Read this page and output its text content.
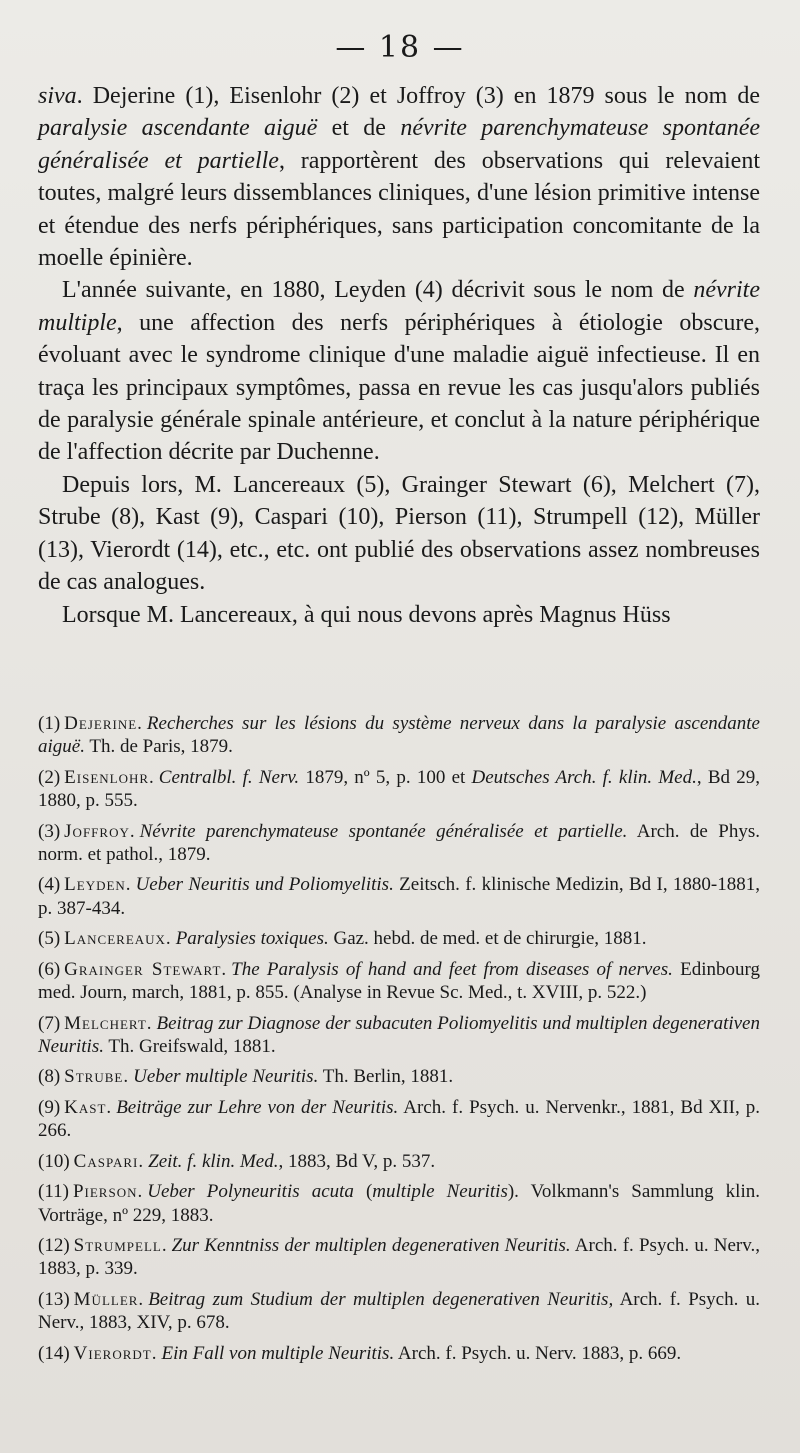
— 18 —

siva. Dejerine (1), Eisenlohr (2) et Joffroy (3) en 1879 sous le nom de paralysie ascendante aiguë et de névrite parenchymateuse spontanée généralisée et partielle, rapportèrent des observations qui relevaient toutes, malgré leurs dissemblances cliniques, d'une lésion primitive intense et étendue des nerfs périphériques, sans participation concomitante de la moelle épinière.

L'année suivante, en 1880, Leyden (4) décrivit sous le nom de névrite multiple, une affection des nerfs périphériques à étiologie obscure, évoluant avec le syndrome clinique d'une maladie aiguë infectieuse. Il en traça les principaux symptômes, passa en revue les cas jusqu'alors publiés de paralysie générale spinale antérieure, et conclut à la nature périphérique de l'affection décrite par Duchenne.

Depuis lors, M. Lancereaux (5), Grainger Stewart (6), Melchert (7), Strube (8), Kast (9), Caspari (10), Pierson (11), Strumpell (12), Müller (13), Vierordt (14), etc., etc. ont publié des observations assez nombreuses de cas analogues.

Lorsque M. Lancereaux, à qui nous devons après Magnus Hüss

(1) Dejerine. Recherches sur les lésions du système nerveux dans la paralysie ascendante aiguë. Th. de Paris, 1879.

(2) Eisenlohr. Centralbl. f. Nerv. 1879, nº 5, p. 100 et Deutsches Arch. f. klin. Med., Bd 29, 1880, p. 555.

(3) Joffroy. Névrite parenchymateuse spontanée généralisée et partielle. Arch. de Phys. norm. et pathol., 1879.

(4) Leyden. Ueber Neuritis und Poliomyelitis. Zeitsch. f. klinische Medizin, Bd I, 1880-1881, p. 387-434.

(5) Lancereaux. Paralysies toxiques. Gaz. hebd. de med. et de chirurgie, 1881.

(6) Grainger Stewart. The Paralysis of hand and feet from diseases of nerves. Edinbourg med. Journ, march, 1881, p. 855. (Analyse in Revue Sc. Med., t. XVIII, p. 522.)

(7) Melchert. Beitrag zur Diagnose der subacuten Poliomyelitis und multiplen degenerativen Neuritis. Th. Greifswald, 1881.

(8) Strube. Ueber multiple Neuritis. Th. Berlin, 1881.

(9) Kast. Beiträge zur Lehre von der Neuritis. Arch. f. Psych. u. Nervenkr., 1881, Bd XII, p. 266.

(10) Caspari. Zeit. f. klin. Med., 1883, Bd V, p. 537.

(11) Pierson. Ueber Polyneuritis acuta (multiple Neuritis). Volkmann's Sammlung klin. Vorträge, nº 229, 1883.

(12) Strumpell. Zur Kenntniss der multiplen degenerativen Neuritis. Arch. f. Psych. u. Nerv., 1883, p. 339.

(13) Müller. Beitrag zum Studium der multiplen degenerativen Neuritis, Arch. f. Psych. u. Nerv., 1883, XIV, p. 678.

(14) Vierordt. Ein Fall von multiple Neuritis. Arch. f. Psych. u. Nerv. 1883, p. 669.
